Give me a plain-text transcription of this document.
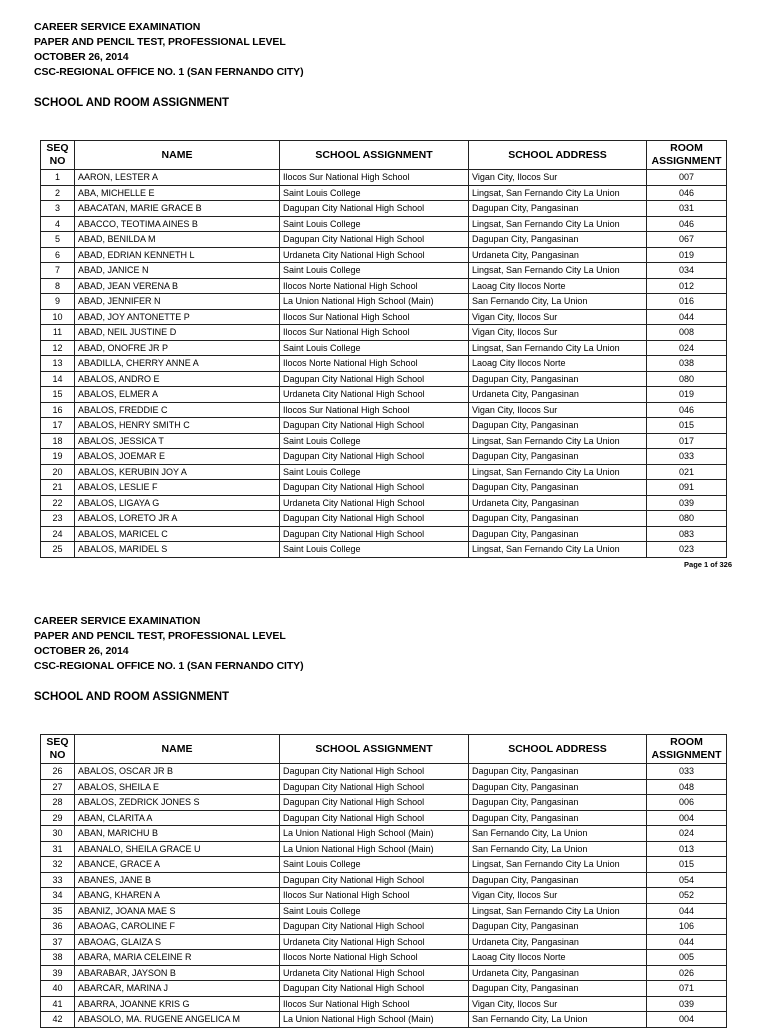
CAREER SERVICE EXAMINATION
PAPER AND PENCIL TEST, PROFESSIONAL LEVEL
OCTOBER 26, 2014
CSC-REGIONAL OFFICE NO. 1 (SAN FERNANDO CITY)
SCHOOL AND ROOM ASSIGNMENT
SEQ
NO	NAME	SCHOOL ASSIGNMENT	SCHOOL ADDRESS	ROOM
ASSIGNMENT
1	AARON, LESTER A	Ilocos Sur National High School	Vigan City, Ilocos Sur	007
2	ABA, MICHELLE E	Saint Louis College	Lingsat, San Fernando City La Union	046
3	ABACATAN, MARIE GRACE B	Dagupan City National High School	Dagupan City, Pangasinan	031
4	ABACCO, TEOTIMA AINES B	Saint Louis College	Lingsat, San Fernando City La Union	046
5	ABAD, BENILDA M	Dagupan City National High School	Dagupan City, Pangasinan	067
6	ABAD, EDRIAN KENNETH L	Urdaneta City National High School	Urdaneta City, Pangasinan	019
7	ABAD, JANICE N	Saint Louis College	Lingsat, San Fernando City La Union	034
8	ABAD, JEAN VERENA B	Ilocos Norte National High School	Laoag City Ilocos Norte	012
9	ABAD, JENNIFER N	La Union National High School (Main)	San Fernando City, La Union	016
10	ABAD, JOY ANTONETTE P	Ilocos Sur National High School	Vigan City, Ilocos Sur	044
11	ABAD, NEIL JUSTINE D	Ilocos Sur National High School	Vigan City, Ilocos Sur	008
12	ABAD, ONOFRE JR P	Saint Louis College	Lingsat, San Fernando City La Union	024
13	ABADILLA, CHERRY ANNE A	Ilocos Norte National High School	Laoag City Ilocos Norte	038
14	ABALOS, ANDRO E	Dagupan City National High School	Dagupan City, Pangasinan	080
15	ABALOS, ELMER A	Urdaneta City National High School	Urdaneta City, Pangasinan	019
16	ABALOS, FREDDIE C	Ilocos Sur National High School	Vigan City, Ilocos Sur	046
17	ABALOS, HENRY SMITH C	Dagupan City National High School	Dagupan City, Pangasinan	015
18	ABALOS, JESSICA T	Saint Louis College	Lingsat, San Fernando City La Union	017
19	ABALOS, JOEMAR E	Dagupan City National High School	Dagupan City, Pangasinan	033
20	ABALOS, KERUBIN JOY A	Saint Louis College	Lingsat, San Fernando City La Union	021
21	ABALOS, LESLIE F	Dagupan City National High School	Dagupan City, Pangasinan	091
22	ABALOS, LIGAYA G	Urdaneta City National High School	Urdaneta City, Pangasinan	039
23	ABALOS, LORETO JR A	Dagupan City National High School	Dagupan City, Pangasinan	080
24	ABALOS, MARICEL C	Dagupan City National High School	Dagupan City, Pangasinan	083
25	ABALOS, MARIDEL S	Saint Louis College	Lingsat, San Fernando City La Union	023
Page 1 of 326
CAREER SERVICE EXAMINATION
PAPER AND PENCIL TEST, PROFESSIONAL LEVEL
OCTOBER 26, 2014
CSC-REGIONAL OFFICE NO. 1 (SAN FERNANDO CITY)
SCHOOL AND ROOM ASSIGNMENT
SEQ
NO	NAME	SCHOOL ASSIGNMENT	SCHOOL ADDRESS	ROOM
ASSIGNMENT
26	ABALOS, OSCAR JR B	Dagupan City National High School	Dagupan City, Pangasinan	033
27	ABALOS, SHEILA E	Dagupan City National High School	Dagupan City, Pangasinan	048
28	ABALOS, ZEDRICK JONES S	Dagupan City National High School	Dagupan City, Pangasinan	006
29	ABAN, CLARITA A	Dagupan City National High School	Dagupan City, Pangasinan	004
30	ABAN, MARICHU B	La Union National High School (Main)	San Fernando City, La Union	024
31	ABANALO, SHEILA GRACE U	La Union National High School (Main)	San Fernando City, La Union	013
32	ABANCE, GRACE A	Saint Louis College	Lingsat, San Fernando City La Union	015
33	ABANES, JANE B	Dagupan City National High School	Dagupan City, Pangasinan	054
34	ABANG, KHAREN A	Ilocos Sur National High School	Vigan City, Ilocos Sur	052
35	ABANIZ, JOANA MAE S	Saint Louis College	Lingsat, San Fernando City La Union	044
36	ABAOAG, CAROLINE F	Dagupan City National High School	Dagupan City, Pangasinan	106
37	ABAOAG, GLAIZA S	Urdaneta City National High School	Urdaneta City, Pangasinan	044
38	ABARA, MARIA CELEINE R	Ilocos Norte National High School	Laoag City Ilocos Norte	005
39	ABARABAR, JAYSON B	Urdaneta City National High School	Urdaneta City, Pangasinan	026
40	ABARCAR, MARINA J	Dagupan City National High School	Dagupan City, Pangasinan	071
41	ABARRA, JOANNE KRIS G	Ilocos Sur National High School	Vigan City, Ilocos Sur	039
42	ABASOLO, MA. RUGENE ANGELICA M	La Union National High School (Main)	San Fernando City, La Union	004
